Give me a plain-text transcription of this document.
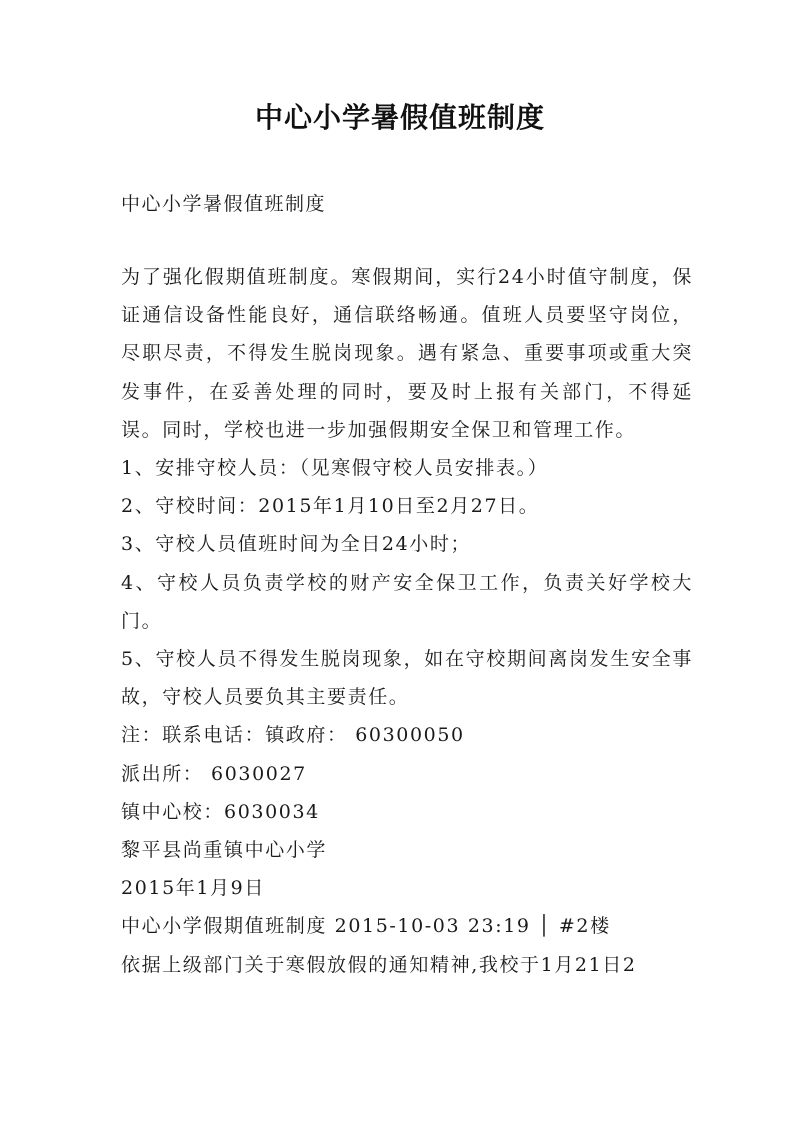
中心小学暑假值班制度
中心小学暑假值班制度

为了强化假期值班制度。寒假期间，实行24小时值守制度，保证通信设备性能良好，通信联络畅通。值班人员要坚守岗位，尽职尽责，不得发生脱岗现象。遇有紧急、重要事项或重大突发事件，在妥善处理的同时，要及时上报有关部门，不得延误。同时，学校也进一步加强假期安全保卫和管理工作。

1、安排守校人员：（见寒假守校人员安排表。）

2、守校时间：2015年1月10日至2月27日。

3、守校人员值班时间为全日24小时；

4、守校人员负责学校的财产安全保卫工作，负责关好学校大门。

5、守校人员不得发生脱岗现象，如在守校期间离岗发生安全事故，守校人员要负其主要责任。

注：联系电话：镇政府： 60300050

派出所： 6030027

镇中心校：6030034

黎平县尚重镇中心小学

2015年1月9日

中心小学假期值班制度 2015-10-03 23:19 │ #2楼

依据上级部门关于寒假放假的通知精神,我校于1月21日2
